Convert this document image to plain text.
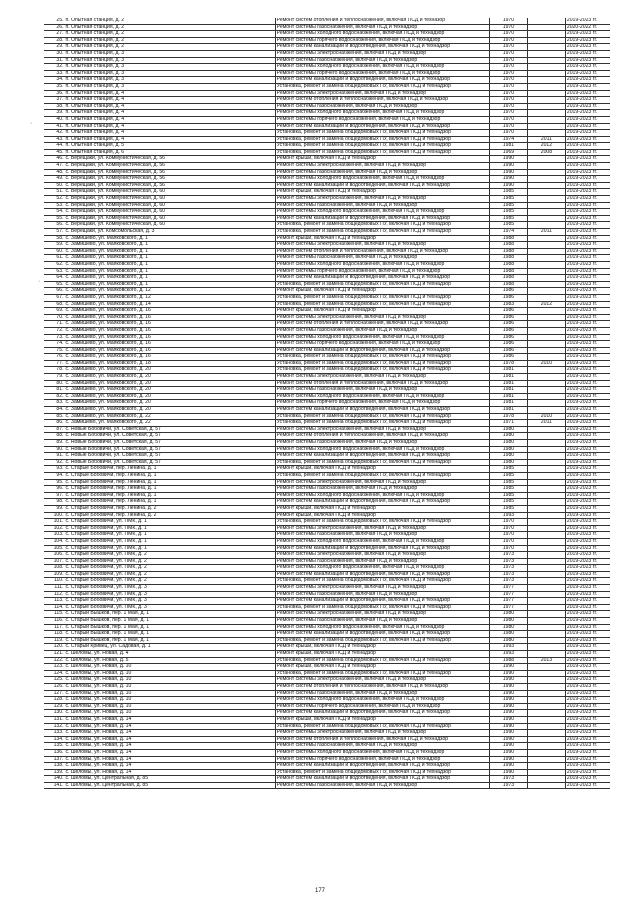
·
·
25.	п. Опытная станция, д. 2	Ремонт систем отопления и теплоснабжения, включая ПСД и техназор	1970		2019-2023 гг.
26.	п. Опытная станция, д. 2	Ремонт системы газоснабжения, включая ПСД и технадзор	1970		2020-2022 гг.
27.	п. Опытная станция, д. 2	Ремонт системы холодного водоснабжения, включая ПСД и технадзор	1970		2019-2023 гг.
28.	п. Опытная станция, д. 2	Ремонт системы горячего водоснабжения, включая ПСД и технадзор	1970		2019-2023 гг.
29.	п. Опытная станция, д. 2	Ремонт систем канализации и водоотведения, включая ПСД и технадзор	1970		2019-2023 гг.
30.	п. Опытная станция, д. 3	Ремонт системы электроснабжения, включая ПСД и технадзор	1970		2019-2023 гг.
31.	п. Опытная станция, д. 3	Ремонт системы газоснабжения, включая ПСД и технадзор	1970		2019-2023 гг.
32.	п. Опытная станция, д. 3	Ремонт системы холодного водоснабжения, включая ПСД и технадзор	1970		2019-2023 гг.
33.	п. Опытная станция, д. 3	Ремонт системы горячего водоснабжения, включая ПСД и технадзор	1970		2019-2023 гг.
34.	п. Опытная станция, д. 3	Ремонт систем канализации и водоотведения, включая ПСД и технадзор	1970		2019-2023 гг.
35.	п. Опытная станция, д. 3	Установка, ремонт и замена общедомовых ПУ, включая ПСД и технадзор	1970		2019-2023 гг.
36.	п. Опытная станция, д. 4	Ремонт системы электроснабжения, включая ПСД и технадзор	1970		2019-2023 гг.
37.	п. Опытная станция, д. 4	Ремонт систем отопления и теплоснабжения, включая ПСД и технадзор	1970		2019-2023 гг.
38.	п. Опытная станция, д. 4	Ремонт системы газоснабжения, включая ПСД и технадзор	1970		2019-2023 гг.
39.	п. Опытная станция, д. 4	Ремонт системы холодного водоснабжения, включая ПСД и технадзор	1970		2019-2023 гг.
40.	п. Опытная станция, д. 4	Ремонт системы горячего водоснабжения, включая ПСД и технадзор	1970		2019-2023 гг.
41.	п. Опытная станция, д. 4	Ремонт систем канализации и водоотведения, включая ПСД и технадзор	1970		2019-2023 гг.
42.	п. Опытная станция, д. 4	Установка, ремонт и замена общедомовых ПУ, включая ПСД и технадзор	1970		2019-2023 гг.
43.	п. Опытная станция, д. 4	Установка, ремонт и замена общедомовых ПУ, включая ПСД и технадзор	1974	2011	2019-2023 гг.
44.	п. Опытная станция, д. 5	Установка, ремонт и замена общедомовых ПУ, включая ПСД и технадзор	1981	2012	2019-2023 гг.
45.	п. Опытная станция, д. 6	Установка, ремонт и замена общедомовых ПУ, включая ПСД и технадзор	1969	2008	2019-2023 гг.
46.	с. Верещаки, ул. Коммунистическая, д. 56	Ремонт крыши, включая ПСД и технадзор	1990		2019-2023 гг.
47.	с. Верещаки, ул. Коммунистическая, д. 56	Ремонт системы электроснабжения, включая ПСД и технадзор	1990		2019-2023 гг.
48.	с. Верещаки, ул. Коммунистическая, д. 56	Ремонт системы газоснабжения, включая ПСД и технадзор	1990		2019-2023 гг.
49.	с. Верещаки, ул. Коммунистическая, д. 56	Ремонт системы холодного водоснабжения, включая ПСД и технадзор	1990		2019-2023 гг.
50.	с. Верещаки, ул. Коммунистическая, д. 56	Ремонт систем канализации и водоотведения, включая ПСД и технадзор	1990		2019-2023 гг.
51.	с. Верещаки, ул. Коммунистическая, д. 60	Ремонт крыши, включая ПСД и технадзор	1985		2019-2023 гг.
52.	с. Верещаки, ул. Коммунистическая, д. 60	Ремонт системы электроснабжения, включая ПСД и технадзор	1985		2019-2023 гг.
53.	с. Верещаки, ул. Коммунистическая, д. 60	Ремонт системы газоснабжения, включая ПСД и технадзор	1985		2019-2023 гг.
54.	с. Верещаки, ул. Коммунистическая, д. 60	Ремонт системы холодного водоснабжения, включая ПСД и технадзор	1985		2019-2023 гг.
55.	с. Верещаки, ул. Коммунистическая, д. 60	Ремонт систем канализации и водоотведения, включая ПСД и технадзор	1985		2019-2023 гг.
56.	с. Верещаки, ул. Коммунистическая, д. 60	Установка, ремонт и замена общедомовых ПУ, включая ПСД и технадзор	1985		2019-2023 гг.
57.	с. Верещаки, ул. Комсомольская, д. 3	Установка, ремонт и замена общедомовых ПУ, включая ПСД и технадзор	1974	2011	2019-2023 гг.
58.	с. Замишево, ул. Маяковского, д. 1	Ремонт крыши, включая ПСД и технадзор	1988		2019-2023 гг.
59.	с. Замишево, ул. Маяковского, д. 1	Ремонт системы электроснабжения, включая ПСД и технадзор	1988		2019-2023 гг.
60.	с. Замишево, ул. Маяковского, д. 1	Ремонт систем отопления и теплоснабжения, включая ПСД и технадзор	1988		2019-2023 гг.
61.	с. Замишево, ул. Маяковского, д. 1	Ремонт системы газоснабжения, включая ПСД и технадзор	1988		2019-2023 гг.
62.	с. Замишево, ул. Маяковского, д. 1	Ремонт системы холодного водоснабжения, включая ПСД и технадзор	1988		2019-2023 гг.
63.	с. Замишево, ул. Маяковского, д. 1	Ремонт системы горячего водоснабжения, включая ПСД и технадзор	1988		2019-2023 гг.
64.	с. Замишево, ул. Маяковского, д. 1	Ремонт систем канализации и водоотведения, включая ПСД и технадзор	1988		2019-2023 гг.
65.	с. Замишево, ул. Маяковского, д. 1	Установка, ремонт и замена общедомовых ПУ, включая ПСД и технадзор	1988		2019-2023 гг.
66.	с. Замишево, ул. Маяковского, д. 12	Ремонт крыши, включая ПСД и технадзор	1986		2019-2023 гг.
67.	с. Замишево, ул. Маяковского, д. 12	Установка, ремонт и замена общедомовых ПУ, включая ПСД и технадзор	1986		2019-2023 гг.
68.	с. Замишево, ул. Маяковского, д. 14	Установка, ремонт и замена общедомовых ПУ, включая ПСД и технадзор	1983	2012	2019-2023 гг.
69.	с. Замишево, ул. Маяковского, д. 16	Ремонт крыши, включая ПСД и технадзор	1986		2019-2023 гг.
70.	с. Замишево, ул. Маяковского, д. 16	Ремонт системы электроснабжения, включая ПСД и технадзор	1986		2019-2023 гг.
71.	с. Замишево, ул. Маяковского, д. 16	Ремонт систем отопления и теплоснабжения, включая ПСД и технадзор	1986		2019-2023 гг.
72.	с. Замишево, ул. Маяковского, д. 16	Ремонт системы газоснабжения, включая ПСД и технадзор	1986		2019-2023 гг.
73.	с. Замишево, ул. Маяковского, д. 16	Ремонт системы холодного водоснабжения, включая ПСД и технадзор	1986		2019-2023 гг.
74.	с. Замишево, ул. Маяковского, д. 16	Ремонт системы горячего водоснабжения, включая ПСД и технадзор	1986		2019-2023 гг.
75.	с. Замишево, ул. Маяковского, д. 16	Ремонт систем канализации и водоотведения, включая ПСД и технадзор	1986		2019-2023 гг.
76.	с. Замишево, ул. Маяковского, д. 16	Установка, ремонт и замена общедомовых ПУ, включая ПСД и технадзор	1986		2019-2023 гг.
77.	с. Замишево, ул. Маяковского, д. 18	Установка, ремонт и замена общедомовых ПУ, включая ПСД и технадзор	1978	2010	2019-2023 гг.
78.	с. Замишево, ул. Маяковского, д. 20	Установка, ремонт и замена общедомовых ПУ, включая ПСД и технадзор	1981		2019-2023 гг.
79.	с. Замишево, ул. Маяковского, д. 20	Ремонт системы электроснабжения, включая ПСД и технадзор	1981		2019-2023 гг.
80.	с. Замишево, ул. Маяковского, д. 20	Ремонт систем отопления и теплоснабжения, включая ПСД и технадзор	1981		2019-2023 гг.
81.	с. Замишево, ул. Маяковского, д. 20	Ремонт системы газоснабжения, включая ПСД и технадзор	1981		2019-2023 гг.
82.	с. Замишево, ул. Маяковского, д. 20	Ремонт системы холодного водоснабжения, включая ПСД и технадзор	1981		2019-2023 гг.
83.	с. Замишево, ул. Маяковского, д. 20	Ремонт системы горячего водоснабжения, включая ПСД и технадзор	1981		2019-2023 гг.
84.	с. Замишево, ул. Маяковского, д. 20	Ремонт систем канализации и водоотведения, включая ПСД и технадзор	1981		2019-2023 гг.
85.	с. Замишево, ул. Маяковского, д. 22	Установка, ремонт и замена общедомовых ПУ, включая ПСД и технадзор	1978	2010	2019-2023 гг.
86.	с. Замишево, ул. Маяковского, д. 22	Установка, ремонт и замена общедомовых ПУ, включая ПСД и технадзор	1971	2011	2019-2023 гг.
87.	с. Новые Бобовичи, ул. Советская, д. 57	Ремонт системы электроснабжения, включая ПСД и технадзор	1980		2019-2023 гг.
88.	с. Новые Бобовичи, ул. Советская, д. 57	Ремонт систем отопления и теплоснабжения, включая ПСД и технадзор	1980		2019-2023 гг.
89.	с. Новые Бобовичи, ул. Советская, д. 57	Ремонт системы газоснабжения, включая ПСД и технадзор	1980		2019-2023 гг.
90.	с. Новые Бобовичи, ул. Советская, д. 57	Ремонт системы холодного водоснабжения, включая ПСД и технадзор	1980		2019-2023 гг.
91.	с. Новые Бобовичи, ул. Советская, д. 57	Ремонт систем канализации и водоотведения, включая ПСД и технадзор	1980		2019-2023 гг.
92.	с. Новые Бобовичи, ул. Советская, д. 57	Установка, ремонт и замена общедомовых ПУ, включая ПСД и технадзор	1980		2019-2023 гг.
93.	с. Старые Бобовичи, пер. Ленина, д. 1	Ремонт крыши, включая ПСД и технадзор	1985		2019-2023 гг.
94.	с. Старые Бобовичи, пер. Ленина, д. 1	Установка, ремонт и замена общедомовых ПУ, включая ПСД и технадзор	1985		2019-2023 гг.
95.	с. Старые Бобовичи, пер. Ленина, д. 1	Ремонт системы электроснабжения, включая ПСД и технадзор	1985		2019-2023 гг.
96.	с. Старые Бобовичи, пер. Ленина, д. 1	Ремонт системы газоснабжения, включая ПСД и технадзор	1985		2019-2023 гг.
97.	с. Старые Бобовичи, пер. Ленина, д. 1	Ремонт системы холодного водоснабжения, включая ПСД и технадзор	1985		2019-2023 гг.
98.	с. Старые Бобовичи, пер. Ленина, д. 1	Ремонт систем канализации и водоотведения, включая ПСД и технадзор	1985		2019-2023 гг.
99.	с. Старые Бобовичи, пер. Ленина, д. 2	Ремонт крыши, включая ПСД и технадзор	1985		2019-2023 гг.
100.	с. Старые Бобовичи, пер. Ленина, д. 2	Ремонт крыши, включая ПСД и технадзор	1993		2019-2023 гг.
101.	с. Старые Бобовичи, ул. ПМК, д. 1	Установка, ремонт и замена общедомовых ПУ, включая ПСД и технадзор	1970		2019-2023 гг.
102.	с. Старые Бобовичи, ул. ПМК, д. 1	Ремонт системы электроснабжения, включая ПСД и технадзор	1970		2019-2023 гг.
103.	с. Старые Бобовичи, ул. ПМК, д. 1	Ремонт системы газоснабжения, включая ПСД и технадзор	1970		2019-2023 гг.
104.	с. Старые Бобовичи, ул. ПМК, д. 1	Ремонт системы холодного водоснабжения, включая ПСД и технадзор	1970		2019-2023 гг.
105.	с. Старые Бобовичи, ул. ПМК, д. 1	Ремонт систем канализации и водоотведения, включая ПСД и технадзор	1970		2019-2023 гг.
106.	с. Старые Бобовичи, ул. ПМК, д. 2	Ремонт системы электроснабжения, включая ПСД и технадзор	1973		2019-2023 гг.
107.	с. Старые Бобовичи, ул. ПМК, д. 2	Ремонт системы газоснабжения, включая ПСД и технадзор	1973		2019-2023 гг.
108.	с. Старые Бобовичи, ул. ПМК, д. 2	Ремонт системы холодного водоснабжения, включая ПСД и технадзор	1973		2019-2023 гг.
109.	с. Старые Бобовичи, ул. ПМК, д. 2	Ремонт систем канализации и водоотведения, включая ПСД и технадзор	1973		2019-2023 гг.
110.	с. Старые Бобовичи, ул. ПМК, д. 2	Установка, ремонт и замена общедомовых ПУ, включая ПСД и технадзор	1973		2019-2023 гг.
111.	с. Старые Бобовичи, ул. ПМК, д. 3	Ремонт системы электроснабжения, включая ПСД и технадзор	1977		2019-2023 гг.
112.	с. Старые Бобовичи, ул. ПМК, д. 3	Ремонт системы газоснабжения, включая ПСД и технадзор	1977		2019-2023 гг.
113.	с. Старые Бобовичи, ул. ПМК, д. 3	Ремонт систем канализации и водоотведения, включая ПСД и технадзор	1977		2019-2023 гг.
114.	с. Старые Бобовичи, ул. ПМК, д. 3	Установка, ремонт и замена общедомовых ПУ, включая ПСД и технадзор	1977		2019-2023 гг.
115.	с. Старый Вышков, пер. 1 Мая, д. 1	Ремонт системы электроснабжения, включая ПСД и технадзор	1980		2019-2023 гг.
116.	с. Старый Вышков, пер. 1 Мая, д. 1	Ремонт системы газоснабжения, включая ПСД и технадзор	1980		2019-2023 гг.
117.	с. Старый Вышков, пер. 1 Мая, д. 1	Ремонт системы холодного водоснабжения, включая ПСД и технадзор	1980		2019-2023 гг.
118.	с. Старый Вышков, пер. 1 Мая, д. 1	Ремонт систем канализации и водоотведения, включая ПСД и технадзор	1980		2019-2023 гг.
119.	с. Старый Вышков, пер. 1 Мая, д. 1	Установка, ремонт и замена общедомовых ПУ, включая ПСД и технадзор	1980		2019-2023 гг.
120.	с. Старый Кривец, ул. Садовая, д. 1	Ремонт крыши, включая ПСД и технадзор	1993		2019-2023 гг.
121.	с. Шеломы, ул. Новая, д. 4	Ремонт крыши, включая ПСД и технадзор	1993		2019-2023 гг.
122.	с. Шеломы, ул. Новая, д. 5	Установка, ремонт и замена общедомовых ПУ, включая ПСД и технадзор	1988	2013	2019-2023 гг.
123.	с. Шеломы, ул. Новая, д. 10	Ремонт крыши, включая ПСД и технадзор	1990		2019-2023 гг.
124.	с. Шеломы, ул. Новая, д. 10	Установка, ремонт и замена общедомовых ПУ, включая ПСД и технадзор	1990		2019-2023 гг.
125.	с. Шеломы, ул. Новая, д. 10	Ремонт системы электроснабжения, включая ПСД и технадзор	1990		2019-2023 гг.
126.	с. Шеломы, ул. Новая, д. 10	Ремонт систем отопления и теплоснабжения, включая ПСД и технадзор	1990		2019-2023 гг.
127.	с. Шеломы, ул. Новая, д. 10	Ремонт системы газоснабжения, включая ПСД и технадзор	1990		2019-2023 гг.
128.	с. Шеломы, ул. Новая, д. 10	Ремонт системы холодного водоснабжения, включая ПСД и технадзор	1990		2019-2023 гг.
129.	с. Шеломы, ул. Новая, д. 10	Ремонт системы горячего водоснабжения, включая ПСД и технадзор	1990		2019-2023 гг.
130.	с. Шеломы, ул. Новая, д. 10	Ремонт систем канализации и водоотведения, включая ПСД и технадзор	1990		2019-2023 гг.
131.	с. Шеломы, ул. Новая, д. 14	Ремонт крыши, включая ПСД и технадзор	1990		2019-2023 гг.
132.	с. Шеломы, ул. Новая, д. 14	Установка, ремонт и замена общедомовых ПУ, включая ПСД и технадзор	1990		2019-2023 гг.
133.	с. Шеломы, ул. Новая, д. 14	Ремонт системы электроснабжения, включая ПСД и технадзор	1990		2019-2023 гг.
134.	с. Шеломы, ул. Новая, д. 14	Ремонт систем отопления и теплоснабжения, включая ПСД и технадзор	1990		2019-2023 гг.
135.	с. Шеломы, ул. Новая, д. 14	Ремонт системы газоснабжения, включая ПСД и технадзор	1990		2019-2023 гг.
136.	с. Шеломы, ул. Новая, д. 14	Ремонт системы холодного водоснабжения, включая ПСД и технадзор	1990		2019-2023 гг.
137.	с. Шеломы, ул. Новая, д. 14	Ремонт системы горячего водоснабжения, включая ПСД и технадзор	1990		2019-2023 гг.
138.	с. Шеломы, ул. Новая, д. 14	Ремонт систем канализации и водоотведения, включая ПСД и технадзор	1990		2019-2023 гг.
139.	с. Шеломы, ул. Новая, д. 14	Установка, ремонт и замена общедомовых ПУ, включая ПСД и технадзор	1990		2019-2023 гг.
140.	с. Шеломы, ул. Центральная, д. 85	Ремонт систем канализации и водоотведения, включая ПСД и технадзор	1973		2019-2023 гг.
141.	с. Шеломы, ул. Центральная, д. 85	Ремонт системы газоснабжения, включая ПСД и технадзор	1973		2019-2023 гг.
177
